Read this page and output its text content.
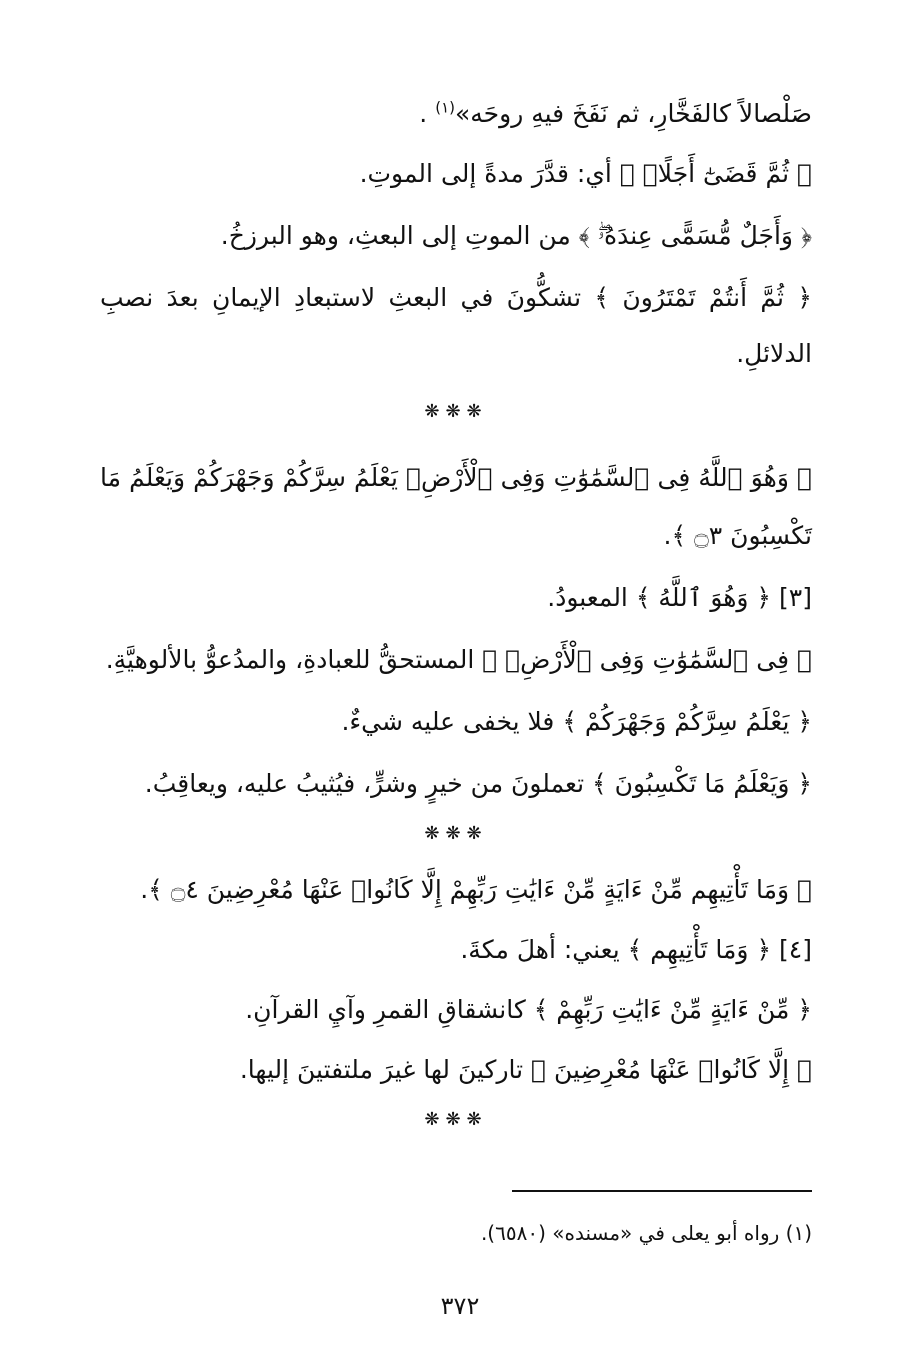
صَلْصالاً كالفَخَّارِ، ثم نَفَخَ فيهِ روحَه»$^{(١)}$ .

﴿ ثُمَّ قَضَىٰٓ أَجَلًاۖ ﴾ أي: قدَّرَ مدةً إلى الموتِ.

﴿ وَأَجَلٌ مُّسَمًّى عِندَهُۥۖ ﴾ من الموتِ إلى البعثِ، وهو البرزخُ.

﴿ ثُمَّ أَنتُمْ تَمْتَرُونَ ﴾ تشكُّونَ في البعثِ لاستبعادِ الإيمانِ بعدَ نصبِ

الدلائلِ.

❋❋❋

﴿ وَهُوَ ٱللَّهُ فِى ٱلسَّمَٰوَٰتِ وَفِى ٱلْأَرْضِۖ يَعْلَمُ سِرَّكُمْ وَجَهْرَكُمْ وَيَعْلَمُ مَا

تَكْسِبُونَ ۝٣ ﴾.

[٣] ﴿ وَهُوَ ٱللَّهُ ﴾ المعبودُ.

﴿ فِى ٱلسَّمَٰوَٰتِ وَفِى ٱلْأَرْضِۖ ﴾ المستحقُّ للعبادةِ، والمدُعوُّ بالألوهيَّةِ.

﴿ يَعْلَمُ سِرَّكُمْ وَجَهْرَكُمْ ﴾ فلا يخفى عليه شيءٌ.

﴿ وَيَعْلَمُ مَا تَكْسِبُونَ ﴾ تعملونَ من خيرٍ وشرٍّ، فيُثيبُ عليه، ويعاقِبُ.

❋❋❋

﴿ وَمَا تَأْتِيهِم مِّنْ ءَايَةٍ مِّنْ ءَايَٰتِ رَبِّهِمْ إِلَّا كَانُوا۟ عَنْهَا مُعْرِضِينَ ۝٤ ﴾.

[٤] ﴿ وَمَا تَأْتِيهِم ﴾ يعني: أهلَ مكةَ.

﴿ مِّنْ ءَايَةٍ مِّنْ ءَايَٰتِ رَبِّهِمْ ﴾ كانشقاقِ القمرِ وآيِ القرآنِ.

﴿ إِلَّا كَانُوا۟ عَنْهَا مُعْرِضِينَ ﴾ تاركينَ لها غيرَ ملتفتينَ إليها.

❋❋❋

(١) رواه أبو يعلى في «مسنده» (٦٥٨٠).
٣٧٢
